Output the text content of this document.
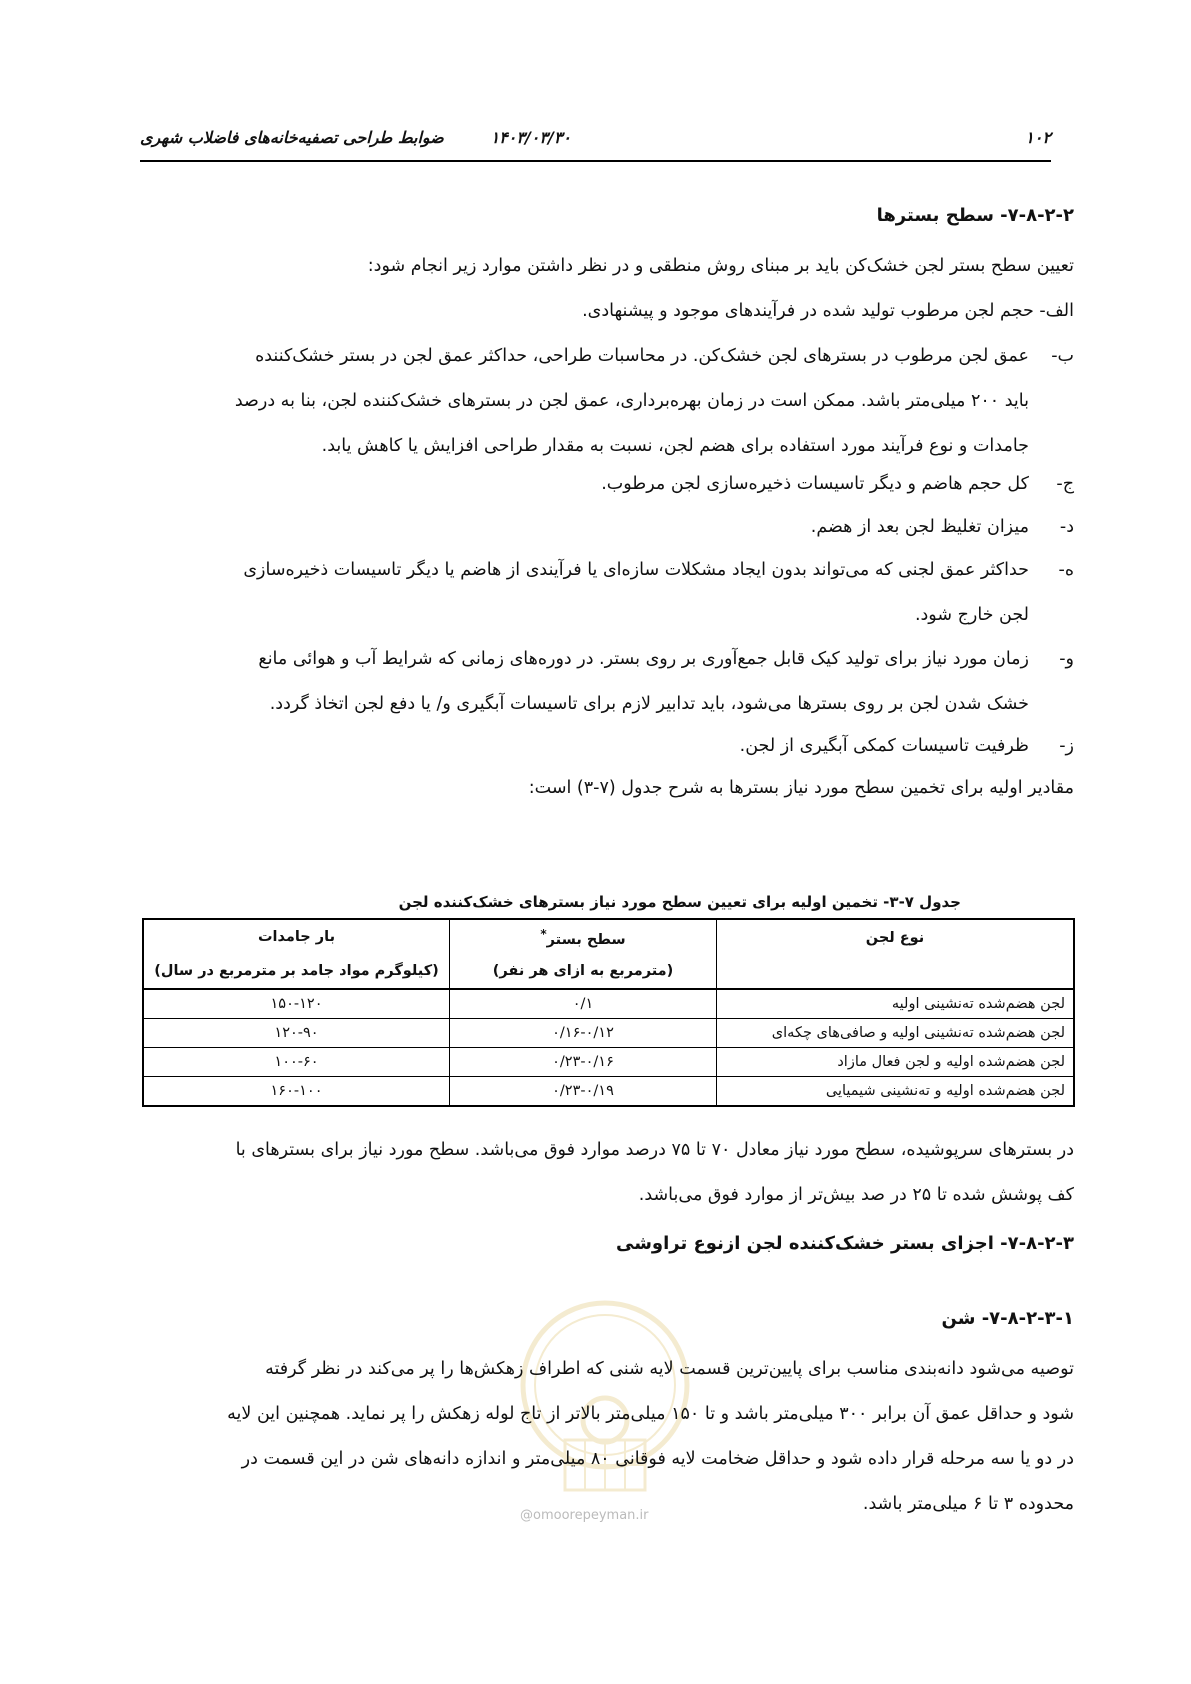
۱۰۲
۱۴۰۳/۰۳/۳۰
ضوابط طراحی تصفیه‌خانه‌های فاضلاب شهری
۷-۸-۲-۲- سطح بسترها
تعیین سطح بستر لجن خشک‌کن باید بر مبنای روش منطقی و در نظر داشتن موارد زیر انجام شود:
الف- حجم لجن مرطوب تولید شده در فرآیندهای موجود و پیشنهادی.
ب-
عمق لجن مرطوب در بسترهای لجن خشک‌کن. در محاسبات طراحی، حداکثر عمق لجن در بستر خشک‌کننده
باید ۲۰۰ میلی‌متر باشد. ممکن است در زمان بهره‌برداری، عمق لجن در بسترهای خشک‌کننده لجن، بنا به درصد
جامدات و نوع فرآیند مورد استفاده برای هضم لجن، نسبت به مقدار طراحی افزایش یا کاهش یابد.
ج-
کل حجم هاضم و دیگر تاسیسات ذخیره‌سازی لجن مرطوب.
د-
میزان تغلیظ لجن بعد از هضم.
ه-
حداکثر عمق لجنی که می‌تواند بدون ایجاد مشکلات سازه‌ای یا فرآیندی از هاضم یا دیگر تاسیسات ذخیره‌سازی
لجن خارج شود.
و-
زمان مورد نیاز برای تولید کیک قابل جمع‌آوری بر روی بستر. در دوره‌های زمانی که شرایط آب و هوائی مانع
خشک شدن لجن بر روی بسترها می‌شود، باید تدابیر لازم برای تاسیسات آبگیری و/ یا دفع لجن اتخاذ گردد.
ز-
ظرفیت تاسیسات کمکی آبگیری از لجن.
مقادیر اولیه برای تخمین سطح مورد نیاز بسترها به شرح جدول (۷-۳) است:
جدول ۷-۳- تخمین اولیه برای تعیین سطح مورد نیاز بسترهای خشک‌کننده لجن
نوع لجن	سطح بستر*	بار جامدات
	(مترمربع به ازای هر نفر)	(کیلوگرم مواد جامد بر مترمربع در سال)
لجن هضم‌شده ته‌نشینی اولیه	۰/۱	۱۵۰-۱۲۰
لجن هضم‌شده ته‌نشینی اولیه و صافی‌های چکه‌ای	۰/۱۶-۰/۱۲	۱۲۰-۹۰
لجن هضم‌شده اولیه و لجن فعال مازاد	۰/۲۳-۰/۱۶	۱۰۰-۶۰
لجن هضم‌شده اولیه و ته‌نشینی شیمیایی	۰/۲۳-۰/۱۹	۱۶۰-۱۰۰
در بسترهای سرپوشیده، سطح مورد نیاز معادل ۷۰ تا ۷۵ درصد موارد فوق می‌باشد. سطح مورد نیاز برای بسترهای با
کف پوشش شده تا ۲۵ در صد بیش‌تر از موارد فوق می‌باشد.
۷-۸-۲-۳- اجزای بستر خشک‌کننده لجن ازنوع تراوشی
۷-۸-۲-۳-۱- شن
@omoorepeyman.ir
توصیه می‌شود دانه‌بندی مناسب برای پایین‌ترین قسمت لایه شنی که اطراف زهکش‌ها را پر می‌کند در نظر گرفته
شود و حداقل عمق آن برابر ۳۰۰ میلی‌متر باشد و تا ۱۵۰ میلی‌متر بالاتر از تاج لوله زهکش را پر نماید. همچنین این لایه
در دو یا سه مرحله قرار داده شود و حداقل ضخامت لایه فوقانی ۸۰ میلی‌متر و اندازه دانه‌های شن در این قسمت در
محدوده ۳ تا ۶ میلی‌متر باشد.
